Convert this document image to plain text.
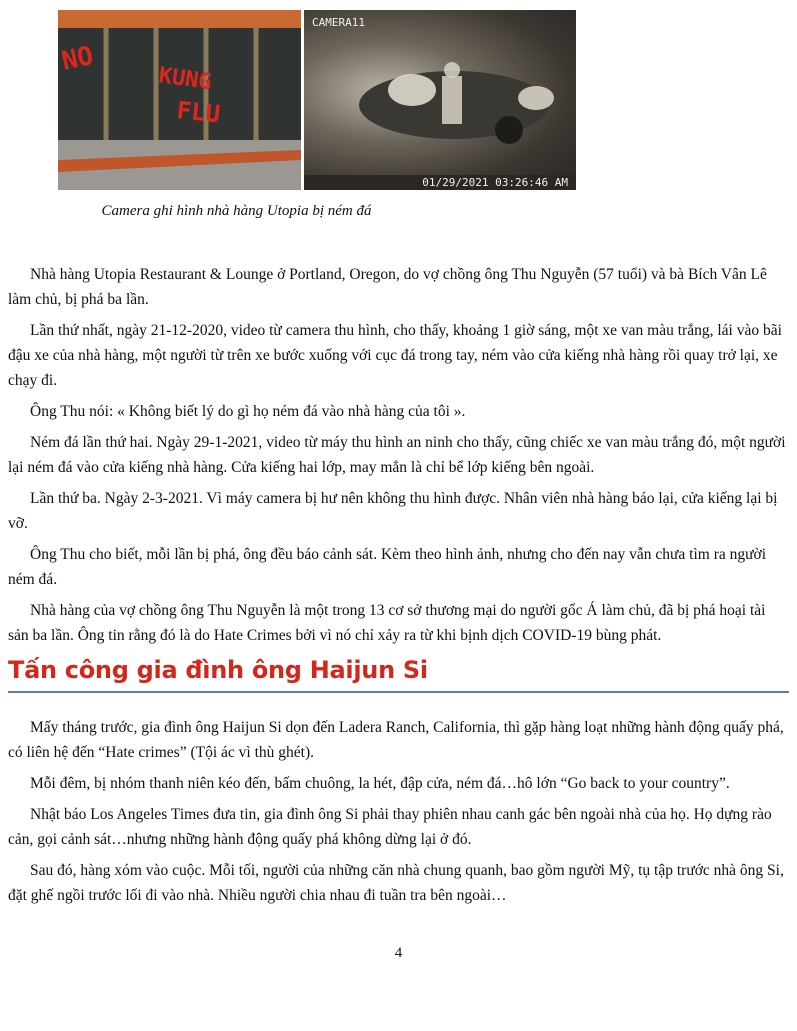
NO
KUNG
FLU
CAMERA11
01/29/2021 03:26:46 AM

Camera ghi hình nhà hàng Utopia bị ném đá

Nhà hàng Utopia Restaurant & Lounge ở Portland, Oregon, do vợ chồng ông Thu Nguyễn (57 tuổi) và bà Bích Vân Lê làm chủ, bị phá ba lần.

Lần thứ nhất, ngày 21-12-2020, video từ camera thu hình, cho thấy, khoảng 1 giờ sáng, một xe van màu trắng, lái vào bãi đậu xe của nhà hàng, một người từ trên xe bước xuống với cục đá trong tay, ném vào cửa kiếng nhà hàng rồi quay trở lại, xe chạy đi.

Ông Thu nói: « Không biết lý do gì họ ném đá vào nhà hàng của tôi ».

Ném đá lần thứ hai. Ngày 29-1-2021, video từ máy thu hình an ninh cho thấy, cũng chiếc xe van màu trắng đó, một người lại ném đá vào cửa kiếng nhà hàng. Cửa kiếng hai lớp, may mắn là chỉ bể lớp kiếng bên ngoài.

Lần thứ ba. Ngày 2-3-2021. Vì máy camera bị hư nên không thu hình được. Nhân viên nhà hàng báo lại, cửa kiếng lại bị vỡ.

Ông Thu cho biết, mỗi lần bị phá, ông đều báo cảnh sát. Kèm theo hình ảnh, nhưng cho đến nay vẫn chưa tìm ra người ném đá.

Nhà hàng của vợ chồng ông Thu Nguyễn là một trong 13 cơ sở thương mại do người gốc Á làm chủ, đã bị phá hoại tài sản ba lần. Ông tin rằng đó là do Hate Crimes bởi vì nó chỉ xảy ra từ khi bịnh dịch COVID-19 bùng phát.

Tấn công gia đình ông Haijun Si

Mấy tháng trước, gia đình ông Haijun Si dọn đến Ladera Ranch, California, thì gặp hàng loạt những hành động quấy phá, có liên hệ đến “Hate crimes” (Tội ác vì thù ghét).

Mỗi đêm, bị nhóm thanh niên kéo đến, bấm chuông, la hét, đập cửa, ném đá…hô lớn “Go back to your country”.

Nhật báo Los Angeles Times đưa tin, gia đình ông Si phải thay phiên nhau canh gác bên ngoài nhà của họ. Họ dựng rào cản, gọi cảnh sát…nhưng những hành động quấy phá không dừng lại ở đó.

Sau đó, hàng xóm vào cuộc. Mỗi tối, người của những căn nhà chung quanh, bao gồm người Mỹ, tụ tập trước nhà ông Si, đặt ghế ngồi trước lối đi vào nhà. Nhiều người chia nhau đi tuần tra bên ngoài…

4
